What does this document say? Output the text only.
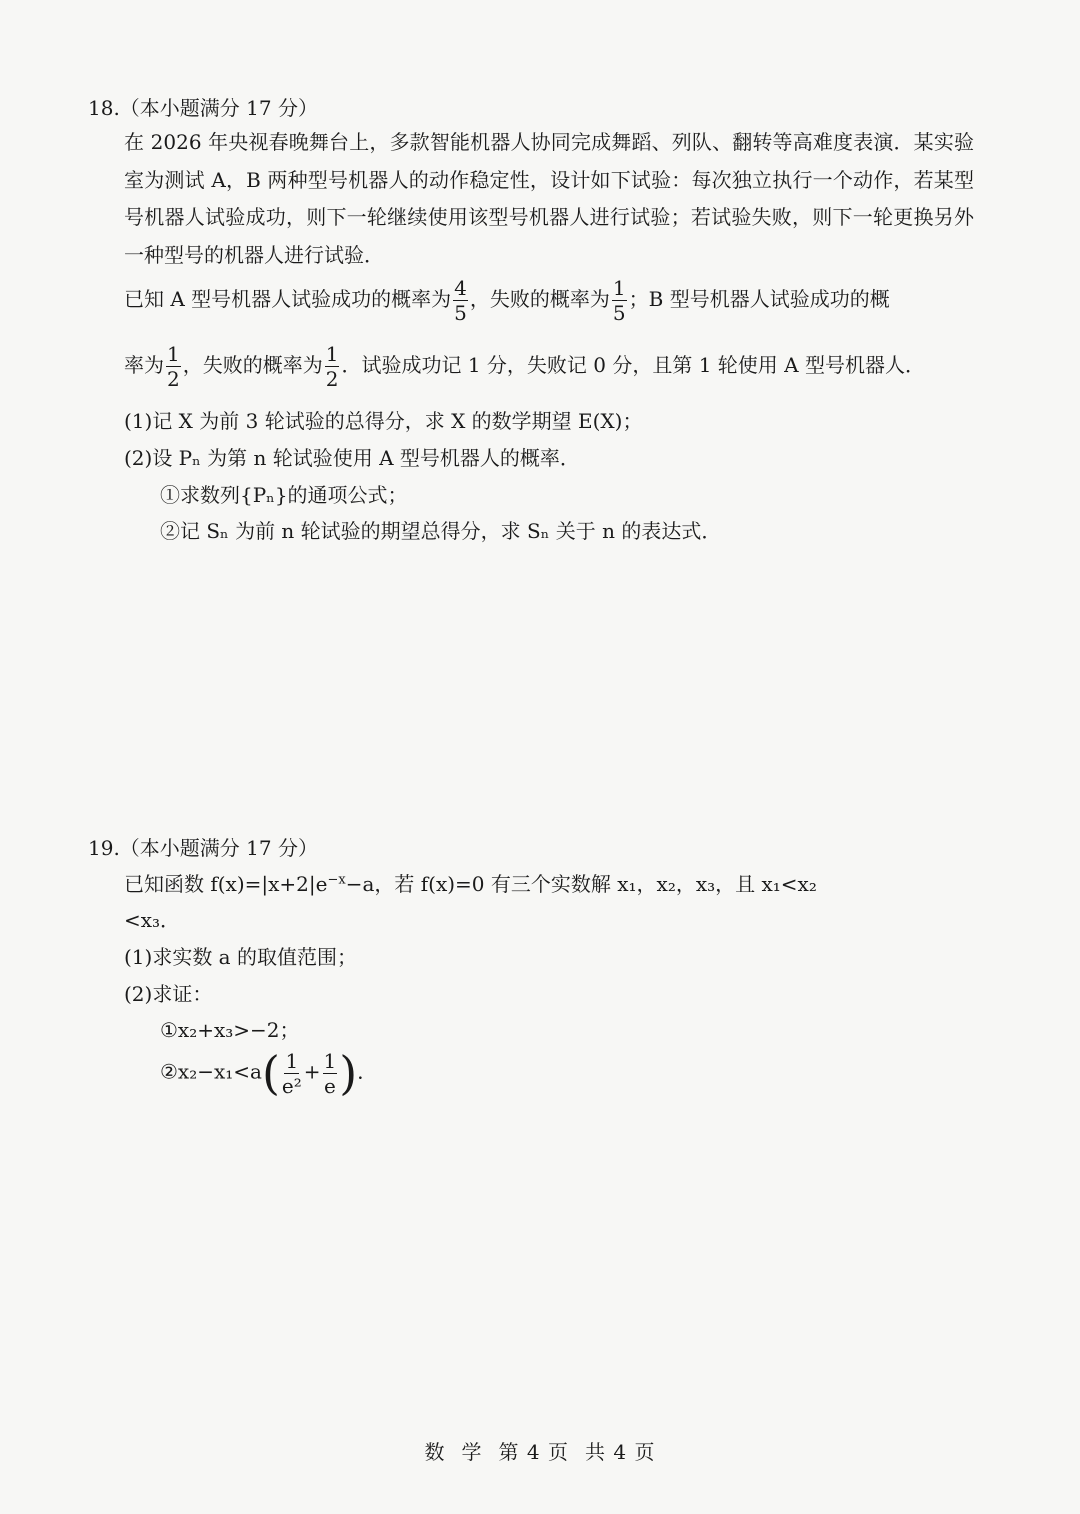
18.（本小题满分 17 分）
在 2026 年央视春晚舞台上，多款智能机器人协同完成舞蹈、列队、翻转等高难度表演．某实验室为测试 A，B 两种型号机器人的动作稳定性，设计如下试验：每次独立执行一个动作，若某型号机器人试验成功，则下一轮继续使用该型号机器人进行试验；若试验失败，则下一轮更换另外一种型号的机器人进行试验．
已知 A 型号机器人试验成功的概率为 $\frac{4}{5}$ ，失败的概率为 $\frac{1}{5}$ ；B 型号机器人试验成功的概
率为 $\frac{1}{2}$ ，失败的概率为 $\frac{1}{2}$ ．试验成功记 1 分，失败记 0 分，且第 1 轮使用 A 型号机器人．
(1)记 X 为前 3 轮试验的总得分，求 X 的数学期望 E(X)；
(2)设 Pₙ 为第 n 轮试验使用 A 型号机器人的概率．
①求数列{Pₙ}的通项公式；
②记 Sₙ 为前 n 轮试验的期望总得分，求 Sₙ 关于 n 的表达式．
19.（本小题满分 17 分）
已知函数 $f(x)=|x+2|e^{-x}-a$，若 f(x)=0 有三个实数解 x₁，x₂，x₃，且 x₁<x₂
<x₃．
(1)求实数 a 的取值范围；
(2)求证：
①x₂+x₃>−2；
②x₂−x₁<a( $\frac{1}{\text{e²}} + \frac{1}{e}$ )．
数 学 第 4 页 共 4 页
